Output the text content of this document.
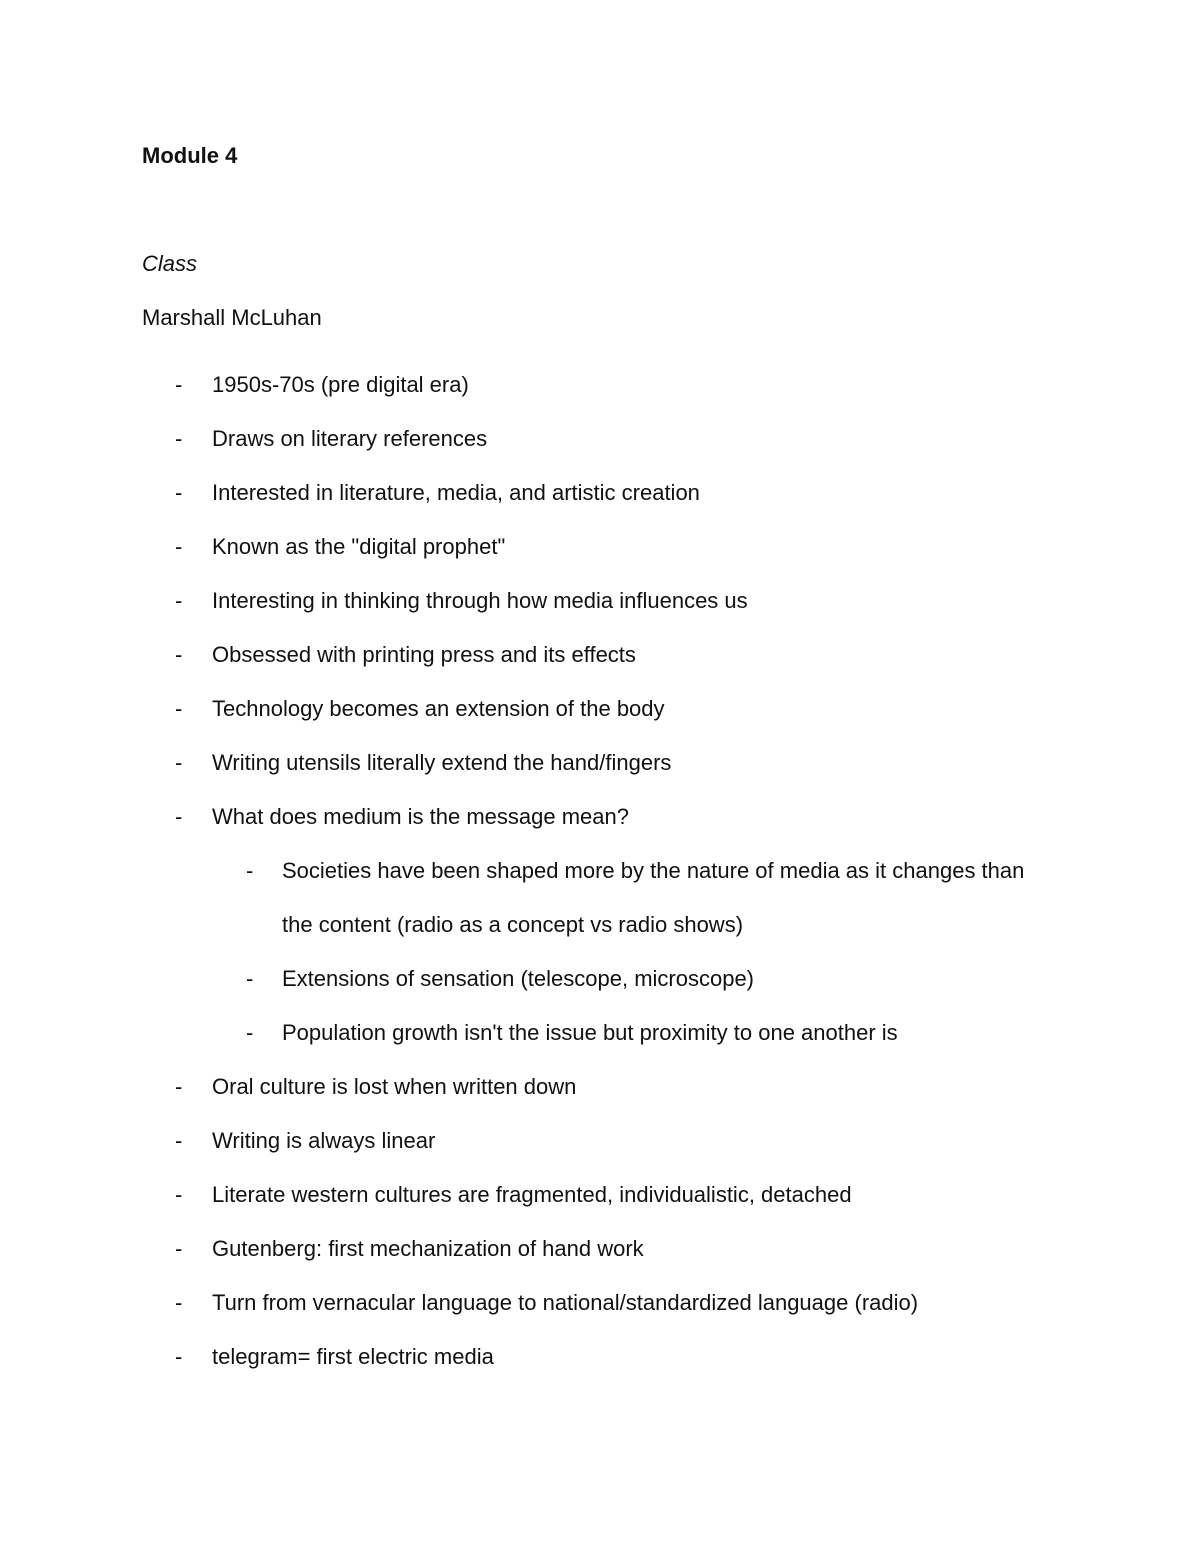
Module 4

Class

Marshall McLuhan

- 1950s-70s (pre digital era)
- Draws on literary references
- Interested in literature, media, and artistic creation
- Known as the "digital prophet"
- Interesting in thinking through how media influences us
- Obsessed with printing press and its effects
- Technology becomes an extension of the body
- Writing utensils literally extend the hand/fingers
- What does medium is the message mean?
- Societies have been shaped more by the nature of media as it changes than the content (radio as a concept vs radio shows)
- Extensions of sensation (telescope, microscope)
- Population growth isn't the issue but proximity to one another is
- Oral culture is lost when written down
- Writing is always linear
- Literate western cultures are fragmented, individualistic, detached
- Gutenberg: first mechanization of hand work
- Turn from vernacular language to national/standardized language (radio)
- telegram= first electric media
